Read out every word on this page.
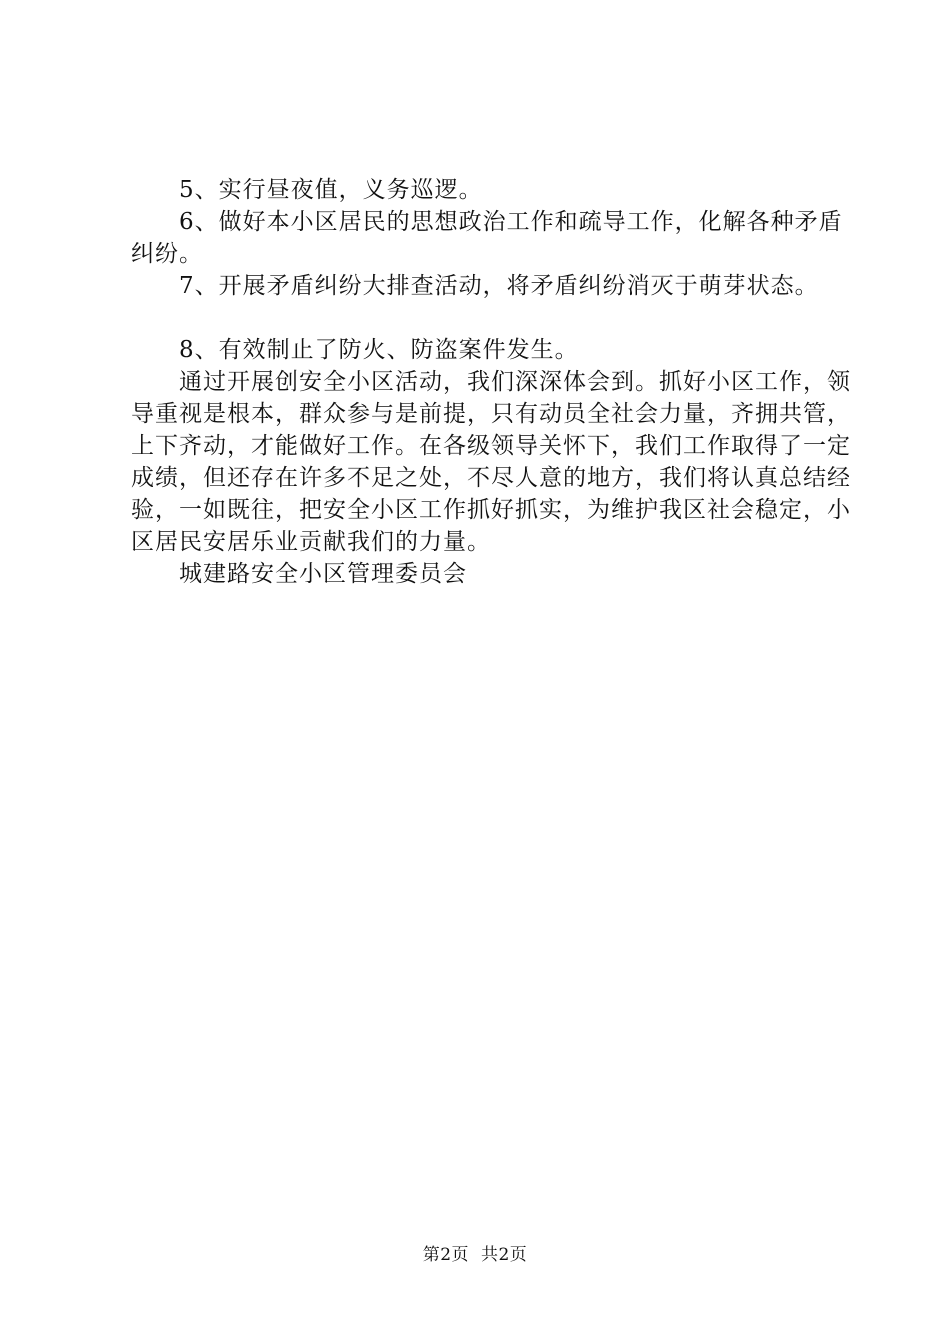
5、实行昼夜值，义务巡逻。

6、做好本小区居民的思想政治工作和疏导工作，化解各种矛盾纠纷。

7、开展矛盾纠纷大排查活动，将矛盾纠纷消灭于萌芽状态。

8、有效制止了防火、防盗案件发生。

通过开展创安全小区活动，我们深深体会到。抓好小区工作，领导重视是根本，群众参与是前提，只有动员全社会力量，齐拥共管，上下齐动，才能做好工作。在各级领导关怀下，我们工作取得了一定成绩，但还存在许多不足之处，不尽人意的地方，我们将认真总结经验，一如既往，把安全小区工作抓好抓实，为维护我区社会稳定，小区居民安居乐业贡献我们的力量。

城建路安全小区管理委员会

第2页 共2页
